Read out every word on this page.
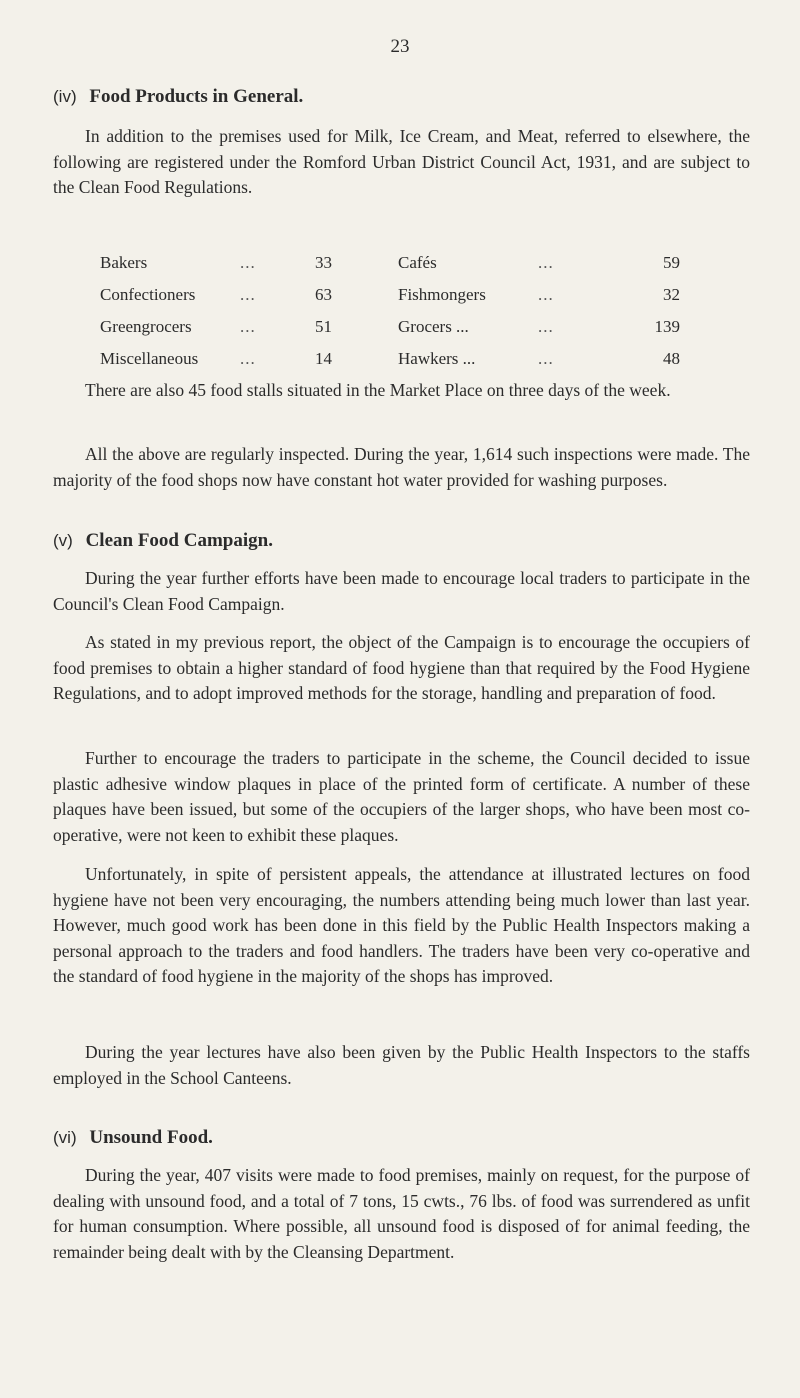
23
(iv) Food Products in General.

In addition to the premises used for Milk, Ice Cream, and Meat, referred to elsewhere, the following are registered under the Romford Urban District Council Act, 1931, and are subject to the Clean Food Regulations.

Bakers	...	33	Cafés	...	59
Confectioners	...	63	Fishmongers	...	32
Greengrocers	...	51	Grocers ...	...	139
Miscellaneous	...	14	Hawkers ...	...	48

There are also 45 food stalls situated in the Market Place on three days of the week.

All the above are regularly inspected. During the year, 1,614 such inspections were made. The majority of the food shops now have constant hot water provided for washing purposes.

(v) Clean Food Campaign.

During the year further efforts have been made to encourage local traders to participate in the Council's Clean Food Campaign.

As stated in my previous report, the object of the Campaign is to encourage the occupiers of food premises to obtain a higher standard of food hygiene than that required by the Food Hygiene Regulations, and to adopt improved methods for the storage, handling and preparation of food.

Further to encourage the traders to participate in the scheme, the Council decided to issue plastic adhesive window plaques in place of the printed form of certificate. A number of these plaques have been issued, but some of the occupiers of the larger shops, who have been most co-operative, were not keen to exhibit these plaques.

Unfortunately, in spite of persistent appeals, the attendance at illustrated lectures on food hygiene have not been very encouraging, the numbers attending being much lower than last year. However, much good work has been done in this field by the Public Health Inspectors making a personal approach to the traders and food handlers. The traders have been very co-operative and the standard of food hygiene in the majority of the shops has improved.

During the year lectures have also been given by the Public Health Inspectors to the staffs employed in the School Canteens.

(vi) Unsound Food.

During the year, 407 visits were made to food premises, mainly on request, for the purpose of dealing with unsound food, and a total of 7 tons, 15 cwts., 76 lbs. of food was surrendered as unfit for human consumption. Where possible, all unsound food is disposed of for animal feeding, the remainder being dealt with by the Cleansing Department.
